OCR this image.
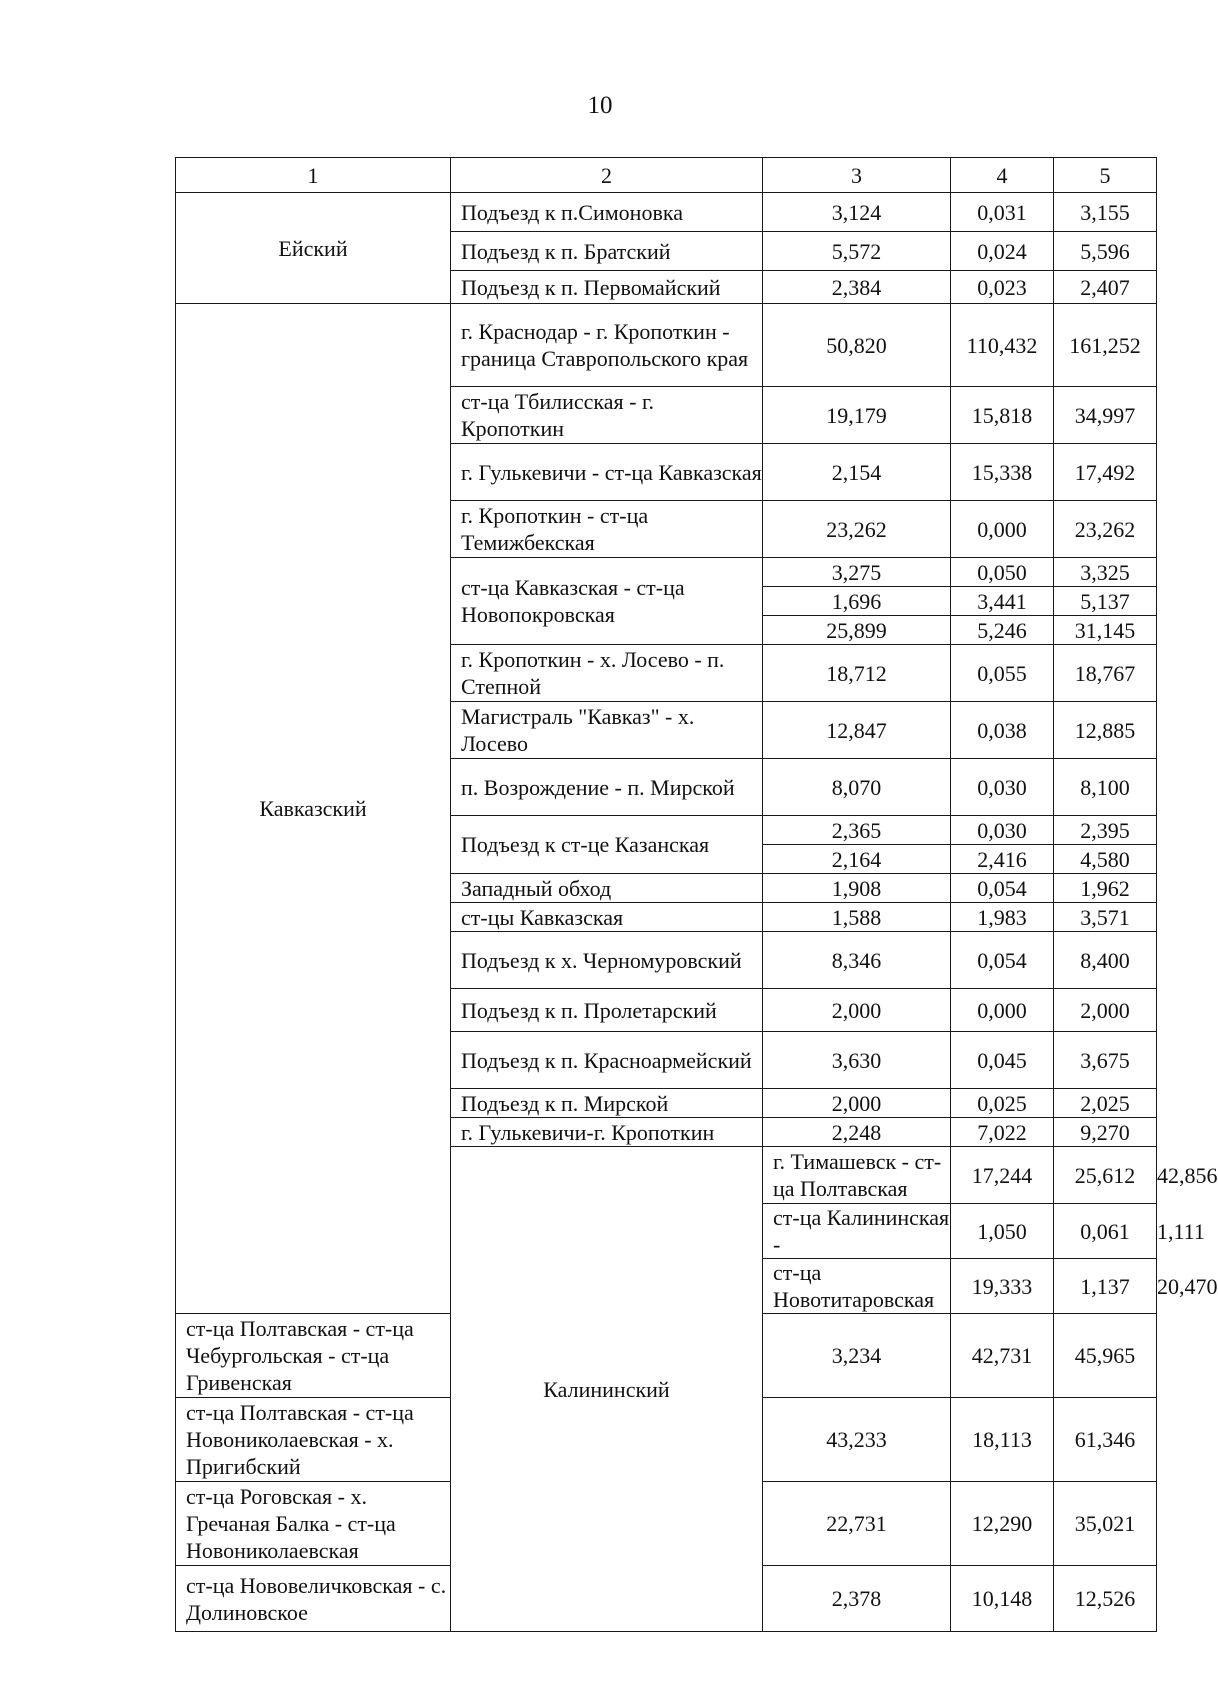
10
1	2	3	4	5	
Ейский	Подъезд к п.Симоновка	3,124	0,031	3,155	
	Подъезд к п. Братский	5,572	0,024	5,596	
	Подъезд к п. Первомайский	2,384	0,023	2,407	
Кавказский	г. Краснодар - г. Кропоткин - граница Ставропольского края	50,820	110,432	161,252	
	ст-ца Тбилисская - г. Кропоткин	19,179	15,818	34,997	
	г. Гулькевичи - ст-ца Кавказская	2,154	15,338	17,492	
	г. Кропоткин - ст-ца Темижбекская	23,262	0,000	23,262	
	ст-ца Кавказская - ст-ца Новопокровская	3,275	0,050	3,325	
		1,696	3,441	5,137	
		25,899	5,246	31,145	
	г. Кропоткин - х. Лосево - п. Степной	18,712	0,055	18,767	
	Магистраль "Кавказ" - х. Лосево	12,847	0,038	12,885	
	п. Возрождение - п. Мирской	8,070	0,030	8,100	
	Подъезд к ст-це Казанская	2,365	0,030	2,395	
		2,164	2,416	4,580	
	Западный обход	1,908	0,054	1,962	
	ст-цы Кавказская	1,588	1,983	3,571	
	Подъезд к х. Черномуровский	8,346	0,054	8,400	
	Подъезд к п. Пролетарский	2,000	0,000	2,000	
	Подъезд к п. Красноармейский	3,630	0,045	3,675	
	Подъезд к п. Мирской	2,000	0,025	2,025	
	г. Гулькевичи-г. Кропоткин	2,248	7,022	9,270	
	Калининский	г. Тимашевск - ст-ца Полтавская	17,244	25,612	42,856
		ст-ца Калининская -	1,050	0,061	1,111
		ст-ца Новотитаровская	19,333	1,137	20,470
ст-ца Полтавская - ст-ца Чебургольская - ст-ца Гривенская		3,234	42,731	45,965	
ст-ца Полтавская - ст-ца Новониколаевская - х. Пригибский		43,233	18,113	61,346	
ст-ца Роговская - х. Гречаная Балка - ст-ца Новониколаевская		22,731	12,290	35,021	
ст-ца Нововеличковская - с. Долиновское		2,378	10,148	12,526	
